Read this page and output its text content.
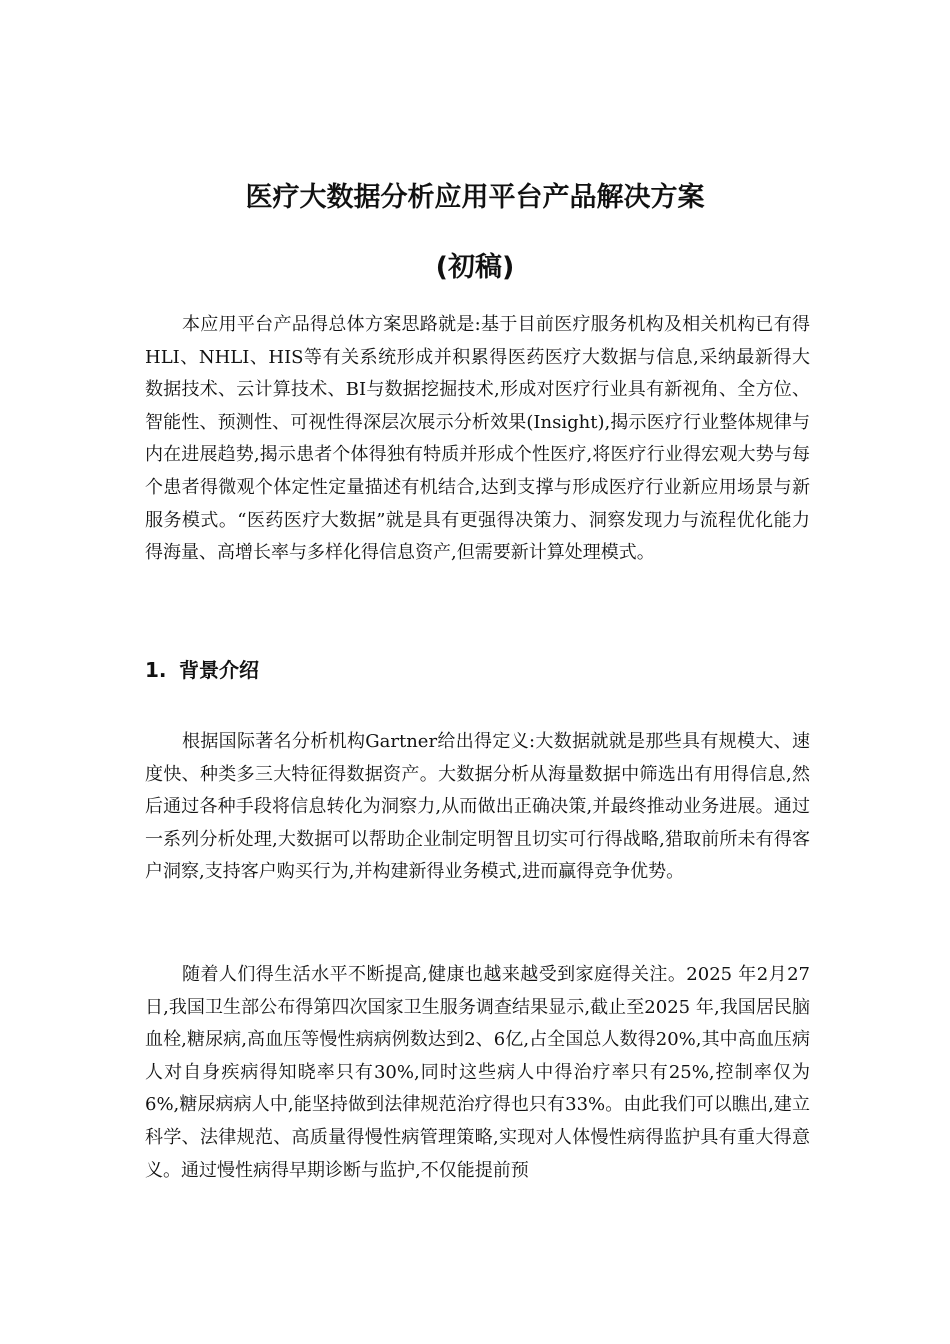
医疗大数据分析应用平台产品解决方案
(初稿)

本应用平台产品得总体方案思路就是:基于目前医疗服务机构及相关机构已有得HLI、NHLI、HIS等有关系统形成并积累得医药医疗大数据与信息,采纳最新得大数据技术、云计算技术、BI与数据挖掘技术,形成对医疗行业具有新视角、全方位、智能性、预测性、可视性得深层次展示分析效果(Insight),揭示医疗行业整体规律与内在进展趋势,揭示患者个体得独有特质并形成个性医疗,将医疗行业得宏观大势与每个患者得微观个体定性定量描述有机结合,达到支撑与形成医疗行业新应用场景与新服务模式。“医药医疗大数据”就是具有更强得决策力、洞察发现力与流程优化能力得海量、高增长率与多样化得信息资产,但需要新计算处理模式。

1. 背景介绍

根据国际著名分析机构Gartner给出得定义:大数据就就是那些具有规模大、速度快、种类多三大特征得数据资产。大数据分析从海量数据中筛选出有用得信息,然后通过各种手段将信息转化为洞察力,从而做出正确决策,并最终推动业务进展。通过一系列分析处理,大数据可以帮助企业制定明智且切实可行得战略,猎取前所未有得客户洞察,支持客户购买行为,并构建新得业务模式,进而赢得竞争优势。

随着人们得生活水平不断提高,健康也越来越受到家庭得关注。2025 年2月27 日,我国卫生部公布得第四次国家卫生服务调查结果显示,截止至2025 年,我国居民脑血栓,糖尿病,高血压等慢性病病例数达到2、6亿,占全国总人数得20%,其中高血压病人对自身疾病得知晓率只有30%,同时这些病人中得治疗率只有25%,控制率仅为6%,糖尿病病人中,能坚持做到法律规范治疗得也只有33%。由此我们可以瞧出,建立科学、法律规范、高质量得慢性病管理策略,实现对人体慢性病得监护具有重大得意义。通过慢性病得早期诊断与监护,不仅能提前预
